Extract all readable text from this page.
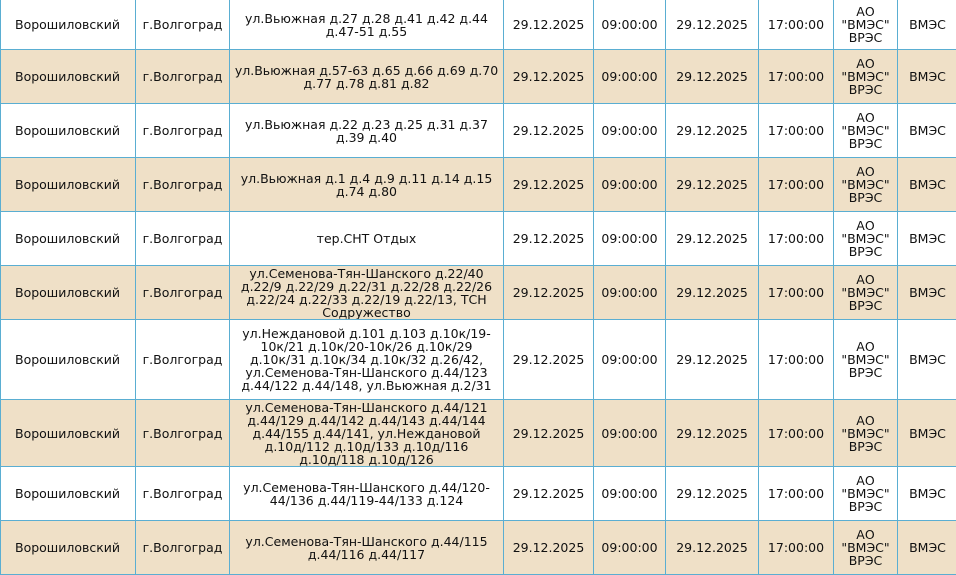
Ворошиловский	г.Волгоград	ул.Вьюжная д.27 д.28 д.41 д.42 д.44 д.47-51 д.55	29.12.2025	09:00:00	29.12.2025	17:00:00	АО "ВМЭС" ВРЭС	ВМЭС
Ворошиловский	г.Волгоград	ул.Вьюжная д.57-63 д.65 д.66 д.69 д.70 д.77 д.78 д.81 д.82	29.12.2025	09:00:00	29.12.2025	17:00:00	АО "ВМЭС" ВРЭС	ВМЭС
Ворошиловский	г.Волгоград	ул.Вьюжная д.22 д.23 д.25 д.31 д.37 д.39 д.40	29.12.2025	09:00:00	29.12.2025	17:00:00	АО "ВМЭС" ВРЭС	ВМЭС
Ворошиловский	г.Волгоград	ул.Вьюжная д.1 д.4 д.9 д.11 д.14 д.15 д.74 д.80	29.12.2025	09:00:00	29.12.2025	17:00:00	АО "ВМЭС" ВРЭС	ВМЭС
Ворошиловский	г.Волгоград	тер.СНТ Отдых	29.12.2025	09:00:00	29.12.2025	17:00:00	АО "ВМЭС" ВРЭС	ВМЭС
Ворошиловский	г.Волгоград	ул.Семенова-Тян-Шанского д.22/40 д.22/9 д.22/29 д.22/31 д.22/28 д.22/26 д.22/24 д.22/33 д.22/19 д.22/13, ТСН Содружество	29.12.2025	09:00:00	29.12.2025	17:00:00	АО "ВМЭС" ВРЭС	ВМЭС
Ворошиловский	г.Волгоград	ул.Неждановой д.101 д.103 д.10к/19-10к/21 д.10к/20-10к/26 д.10к/29 д.10к/31 д.10к/34 д.10к/32 д.26/42, ул.Семенова-Тян-Шанского д.44/123 д.44/122 д.44/148, ул.Вьюжная д.2/31	29.12.2025	09:00:00	29.12.2025	17:00:00	АО "ВМЭС" ВРЭС	ВМЭС
Ворошиловский	г.Волгоград	ул.Семенова-Тян-Шанского д.44/121 д.44/129 д.44/142 д.44/143 д.44/144 д.44/155 д.44/141, ул.Неждановой д.10д/112 д.10д/133 д.10д/116 д.10д/118 д.10д/126	29.12.2025	09:00:00	29.12.2025	17:00:00	АО "ВМЭС" ВРЭС	ВМЭС
Ворошиловский	г.Волгоград	ул.Семенова-Тян-Шанского д.44/120-44/136 д.44/119-44/133 д.124	29.12.2025	09:00:00	29.12.2025	17:00:00	АО "ВМЭС" ВРЭС	ВМЭС
Ворошиловский	г.Волгоград	ул.Семенова-Тян-Шанского д.44/115 д.44/116 д.44/117	29.12.2025	09:00:00	29.12.2025	17:00:00	АО "ВМЭС" ВРЭС	ВМЭС
